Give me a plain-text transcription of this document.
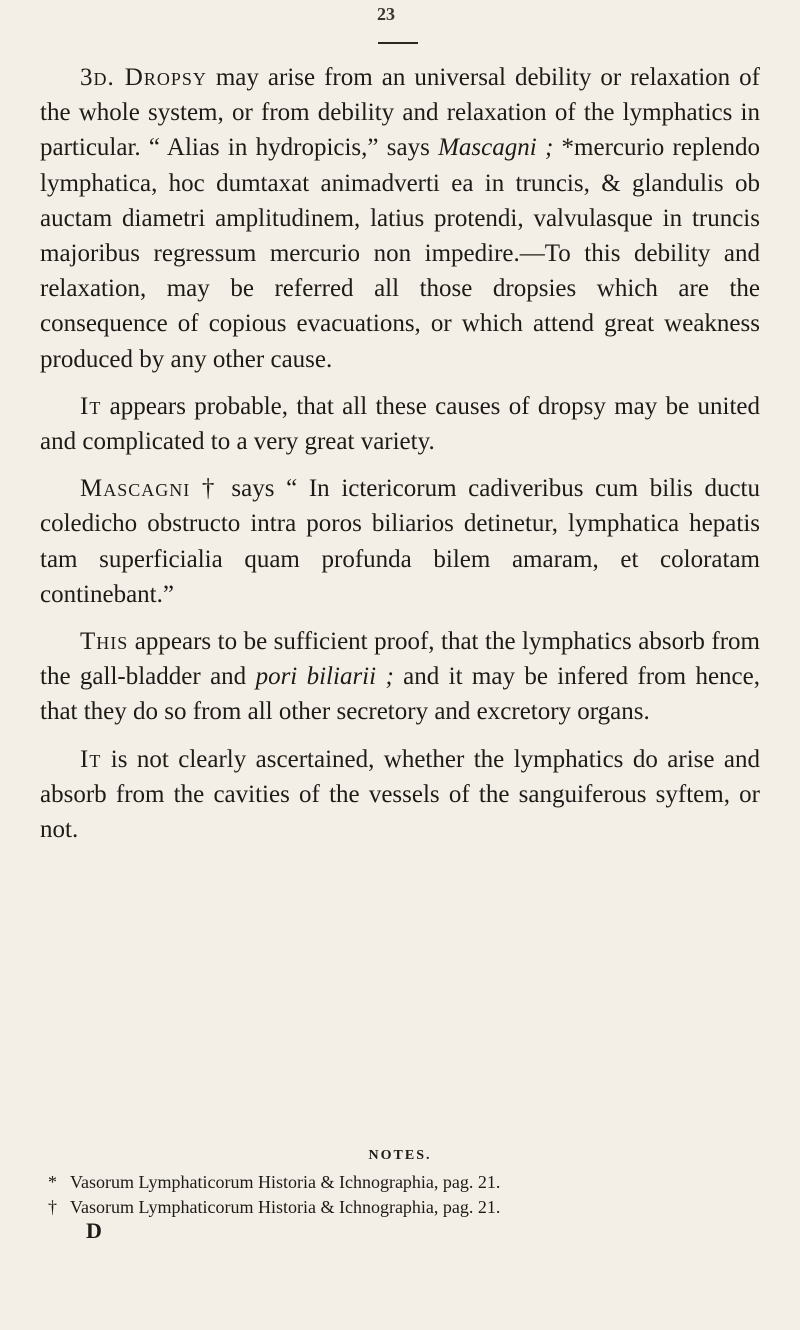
23

3d. Dropsy may arise from an universal debility or relaxation of the whole system, or from debility and relaxation of the lymphatics in particular. “ Alias in hydropicis,” says Mascagni ; *mercurio replendo lymphatica, hoc dumtaxat animadverti ea in truncis, & glandulis ob auctam diametri amplitudinem, latius protendi, valvulasque in truncis majoribus regressum mercurio non impedire.—To this debility and relaxation, may be referred all those dropsies which are the consequence of copious evacuations, or which attend great weakness produced by any other cause.

It appears probable, that all these causes of dropsy may be united and complicated to a very great variety.

Mascagni † says “ In ictericorum cadiveribus cum bilis ductu coledicho obstructo intra poros biliarios detinetur, lymphatica hepatis tam superficialia quam profunda bilem amaram, et coloratam continebant.”

This appears to be sufficient proof, that the lymphatics absorb from the gall-bladder and pori biliarii ; and it may be infered from hence, that they do so from all other secretory and excretory organs.

It is not clearly ascertained, whether the lymphatics do arise and absorb from the cavities of the vessels of the sanguiferous syftem, or not.

NOTES.
* Vasorum Lymphaticorum Historia & Ichnographia, pag. 21.
† Vasorum Lymphaticorum Historia & Ichnographia, pag. 21.
D
